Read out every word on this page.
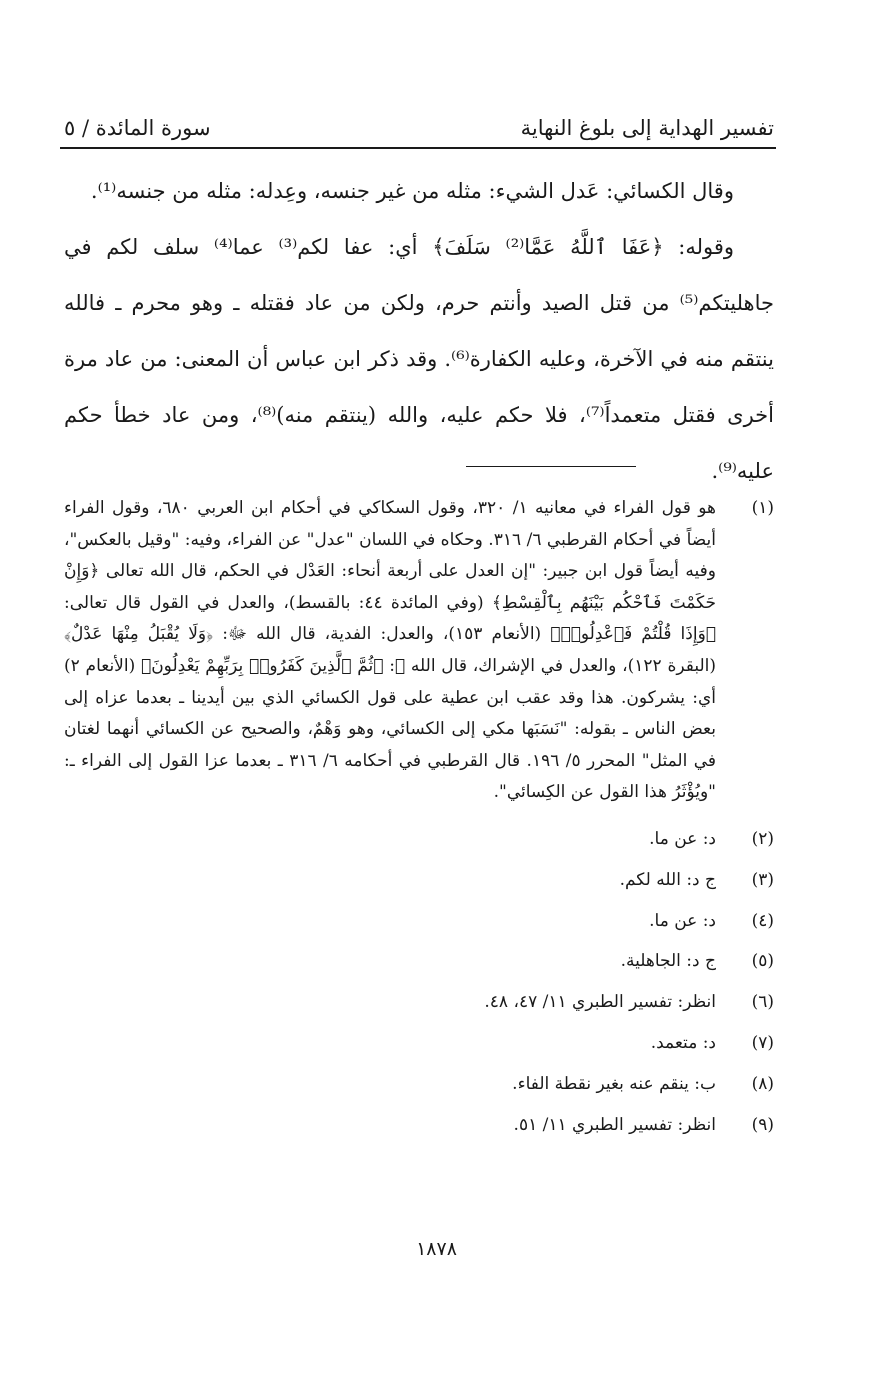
تفسير الهداية إلى بلوغ النهاية
سورة المائدة / ٥

وقال الكسائي: عَدل الشيء: مثله من غير جنسه، وعِدله: مثله من جنسه⁽¹⁾.

وقوله: ﴿عَفَا ٱللَّهُ عَمَّا⁽²⁾ سَلَفَ﴾ أي: عفا لكم⁽³⁾ عما⁽⁴⁾ سلف لكم في جاهليتكم⁽⁵⁾ من قتل الصيد وأنتم حرم، ولكن من عاد فقتله ـ وهو محرم ـ فالله ينتقم منه في الآخرة، وعليه الكفارة⁽⁶⁾. وقد ذكر ابن عباس أن المعنى: من عاد مرة أخرى فقتل متعمداً⁽⁷⁾، فلا حكم عليه، والله (ينتقم منه)⁽⁸⁾، ومن عاد خطأ حكم عليه⁽⁹⁾.

(١)
هو قول الفراء في معانيه ١/ ٣٢٠، وقول السكاكي في أحكام ابن العربي ٦٨٠، وقول الفراء أيضاً في أحكام القرطبي ٦/ ٣١٦. وحكاه في اللسان "عدل" عن الفراء، وفيه: "وقيل بالعكس"، وفيه أيضاً قول ابن جبير: "إن العدل على أربعة أنحاء: العَدْل في الحكم، قال الله تعالى ﴿وَإِنْ حَكَمْتَ فَٱحْكُم بَيْنَهُم بِٱلْقِسْطِ﴾ (وفي المائدة ٤٤: بالقسط)، والعدل في القول قال تعالى: ﴿وَإِذَا قُلْتُمْ فَٱعْدِلُوا۟﴾ (الأنعام ١٥٣)، والعدل: الفدية، قال الله ﷻ: ﴿وَلَا يُقْبَلُ مِنْهَا عَدْلٌ﴾ (البقرة ١٢٢)، والعدل في الإشراك، قال الله ﷻ: ﴿ثُمَّ ٱلَّذِينَ كَفَرُوا۟ بِرَبِّهِمْ يَعْدِلُونَ﴾ (الأنعام ٢) أي: يشركون. هذا وقد عقب ابن عطية على قول الكسائي الذي بين أيدينا ـ بعدما عزاه إلى بعض الناس ـ بقوله: "نَسَبَها مكي إلى الكسائي، وهو وَهْمٌ، والصحيح عن الكسائي أنهما لغتان في المثل" المحرر ٥/ ١٩٦. قال القرطبي في أحكامه ٦/ ٣١٦ ـ بعدما عزا القول إلى الفراء ـ: "ويُؤْثَرُ هذا القول عن الكِسائي".
(٢)
د: عن ما.
(٣)
ج د: الله لكم.
(٤)
د: عن ما.
(٥)
ج د: الجاهلية.
(٦)
انظر: تفسير الطبري ١١/ ٤٧، ٤٨.
(٧)
د: متعمد.
(٨)
ب: ينقم عنه بغير نقطة الفاء.
(٩)
انظر: تفسير الطبري ١١/ ٥١.
١٨٧٨
